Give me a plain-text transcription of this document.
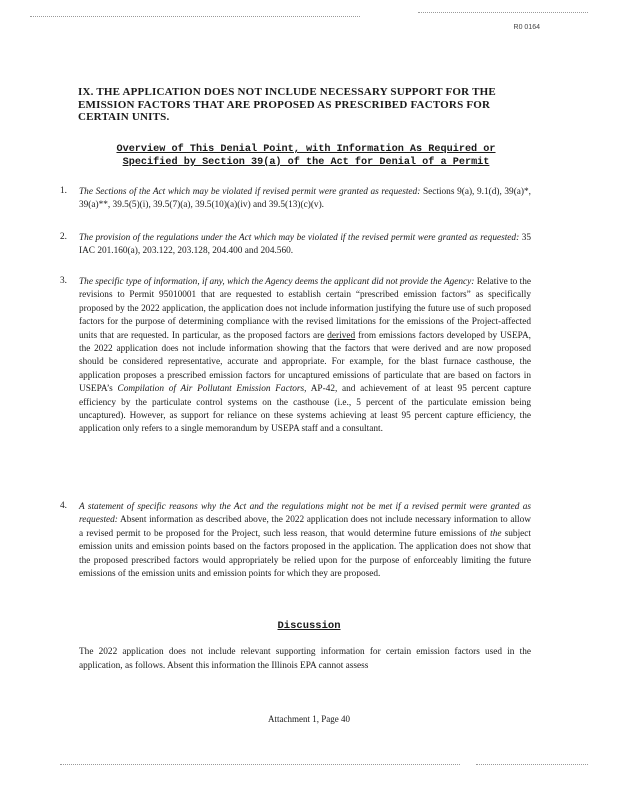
R0 0164
IX. THE APPLICATION DOES NOT INCLUDE NECESSARY SUPPORT FOR THE EMISSION FACTORS THAT ARE PROPOSED AS PRESCRIBED FACTORS FOR CERTAIN UNITS.
Overview of This Denial Point, with Information As Required or Specified by Section 39(a) of the Act for Denial of a Permit
1. The Sections of the Act which may be violated if revised permit were granted as requested: Sections 9(a), 9.1(d), 39(a)*, 39(a)**, 39.5(5)(i), 39.5(7)(a), 39.5(10)(a)(iv) and 39.5(13)(c)(v).
2. The provision of the regulations under the Act which may be violated if the revised permit were granted as requested: 35 IAC 201.160(a), 203.122, 203.128, 204.400 and 204.560.
3. The specific type of information, if any, which the Agency deems the applicant did not provide the Agency: Relative to the revisions to Permit 95010001 that are requested to establish certain “prescribed emission factors” as specifically proposed by the 2022 application, the application does not include information justifying the future use of such proposed factors for the purpose of determining compliance with the revised limitations for the emissions of the Project-affected units that are requested. In particular, as the proposed factors are derived from emissions factors developed by USEPA, the 2022 application does not include information showing that the factors that were derived and are now proposed should be considered representative, accurate and appropriate. For example, for the blast furnace casthouse, the application proposes a prescribed emission factors for uncaptured emissions of particulate that are based on factors in USEPA’s Compilation of Air Pollutant Emission Factors, AP-42, and achievement of at least 95 percent capture efficiency by the particulate control systems on the casthouse (i.e., 5 percent of the particulate emission being uncaptured). However, as support for reliance on these systems achieving at least 95 percent capture efficiency, the application only refers to a single memorandum by USEPA staff and a consultant.
4. A statement of specific reasons why the Act and the regulations might not be met if a revised permit were granted as requested: Absent information as described above, the 2022 application does not include necessary information to allow a revised permit to be proposed for the Project, such less reason, that would determine future emissions of the subject emission units and emission points based on the factors proposed in the application. The application does not show that the proposed prescribed factors would appropriately be relied upon for the purpose of enforceably limiting the future emissions of the emission units and emission points for which they are proposed.
Discussion
The 2022 application does not include relevant supporting information for certain emission factors used in the application, as follows. Absent this information the Illinois EPA cannot assess
Attachment 1, Page 40
